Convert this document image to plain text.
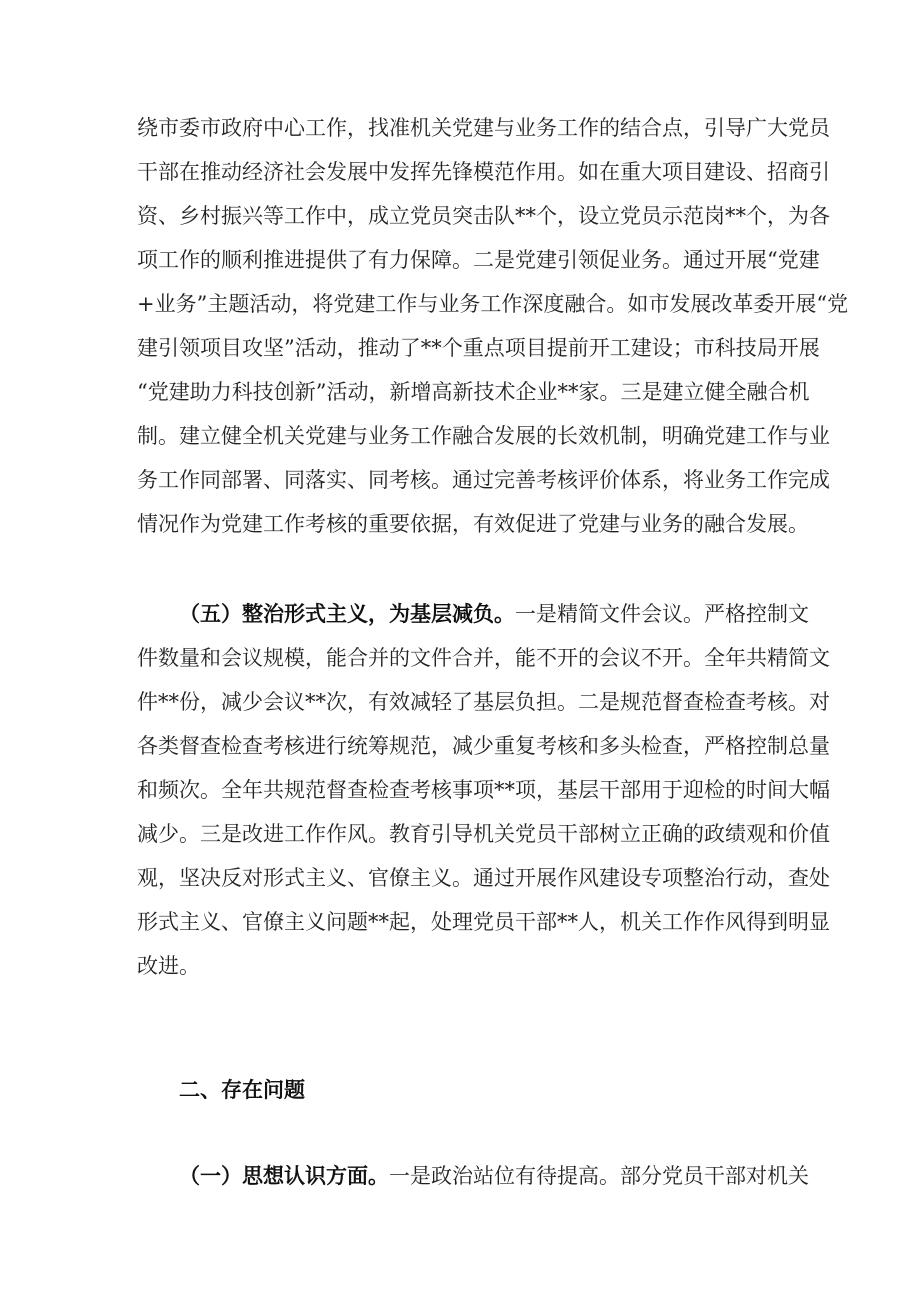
绕市委市政府中心工作，找准机关党建与业务工作的结合点，引导广大党员
干部在推动经济社会发展中发挥先锋模范作用。如在重大项目建设、招商引
资、乡村振兴等工作中，成立党员突击队**个，设立党员示范岗**个，为各
项工作的顺利推进提供了有力保障。二是党建引领促业务。通过开展“党建
+业务”主题活动，将党建工作与业务工作深度融合。如市发展改革委开展“党
建引领项目攻坚”活动，推动了**个重点项目提前开工建设；市科技局开展
“党建助力科技创新”活动，新增高新技术企业**家。三是建立健全融合机
制。建立健全机关党建与业务工作融合发展的长效机制，明确党建工作与业
务工作同部署、同落实、同考核。通过完善考核评价体系，将业务工作完成
情况作为党建工作考核的重要依据，有效促进了党建与业务的融合发展。
（五）整治形式主义，为基层减负。一是精简文件会议。严格控制文
件数量和会议规模，能合并的文件合并，能不开的会议不开。全年共精简文
件**份，减少会议**次，有效减轻了基层负担。二是规范督查检查考核。对
各类督查检查考核进行统筹规范，减少重复考核和多头检查，严格控制总量
和频次。全年共规范督查检查考核事项**项，基层干部用于迎检的时间大幅
减少。三是改进工作作风。教育引导机关党员干部树立正确的政绩观和价值
观，坚决反对形式主义、官僚主义。通过开展作风建设专项整治行动，查处
形式主义、官僚主义问题**起，处理党员干部**人，机关工作作风得到明显
改进。
二、存在问题
（一）思想认识方面。一是政治站位有待提高。部分党员干部对机关
